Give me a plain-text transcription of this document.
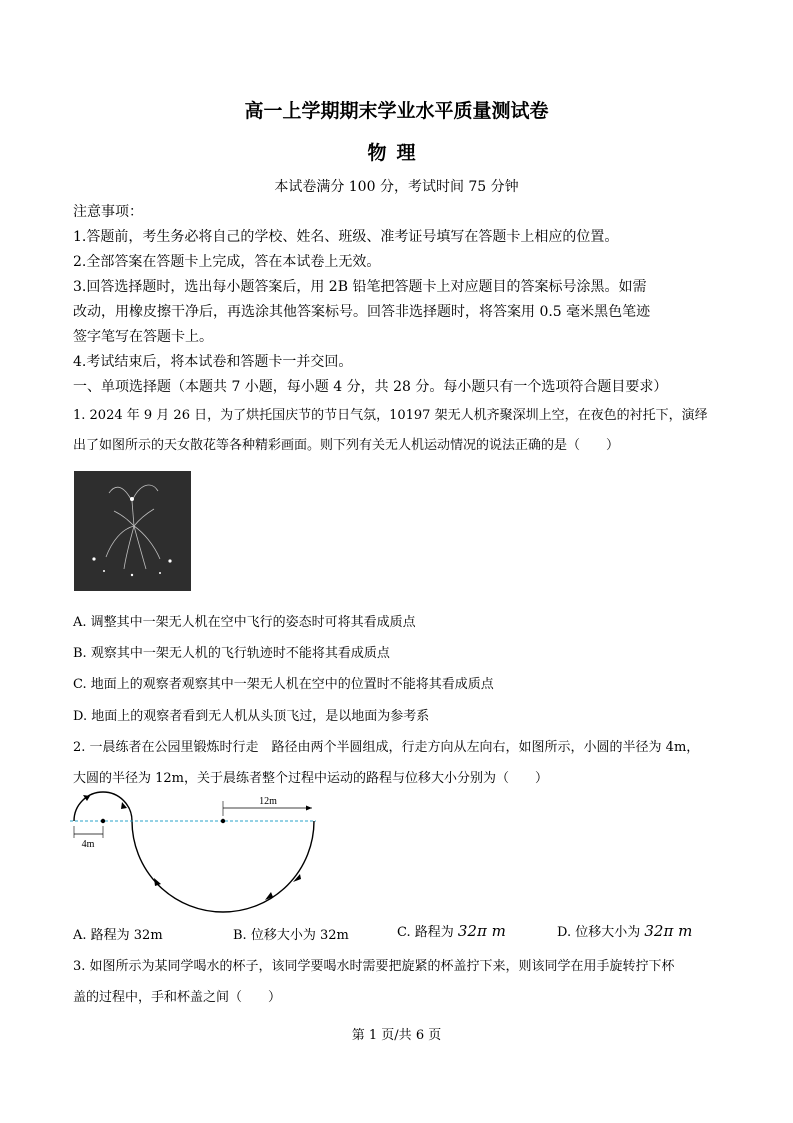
高一上学期期末学业水平质量测试卷
物理
本试卷满分 100 分，考试时间 75 分钟
注意事项：
1.答题前，考生务必将自己的学校、姓名、班级、准考证号填写在答题卡上相应的位置。
2.全部答案在答题卡上完成，答在本试卷上无效。
3.回答选择题时，选出每小题答案后，用 2B 铅笔把答题卡上对应题目的答案标号涂黑。如需
改动，用橡皮擦干净后，再选涂其他答案标号。回答非选择题时，将答案用 0.5 毫米黑色笔迹
签字笔写在答题卡上。
4.考试结束后，将本试卷和答题卡一并交回。
一、单项选择题（本题共 7 小题，每小题 4 分，共 28 分。每小题只有一个选项符合题目要求）
1. 2024 年 9 月 26 日，为了烘托国庆节的节日气氛，10197 架无人机齐聚深圳上空，在夜色的衬托下，演绎
出了如图所示的天女散花等各种精彩画面。则下列有关无人机运动情况的说法正确的是（　　）
A. 调整其中一架无人机在空中飞行的姿态时可将其看成质点
B. 观察其中一架无人机的飞行轨迹时不能将其看成质点
C. 地面上的观察者观察其中一架无人机在空中的位置时不能将其看成质点
D. 地面上的观察者看到无人机从头顶飞过，是以地面为参考系
2. 一晨练者在公园里锻炼时行走　路径由两个半圆组成，行走方向从左向右，如图所示，小圆的半径为 4m，
大圆的半径为 12m，关于晨练者整个过程中运动的路程与位移大小分别为（　　）
12m
4m
A. 路程为 32m	B. 位移大小为 32m	C. 路程为 32π m	D. 位移大小为 32π m
3. 如图所示为某同学喝水的杯子，该同学要喝水时需要把旋紧的杯盖拧下来，则该同学在用手旋转拧下杯
盖的过程中，手和杯盖之间（　　）
第 1 页/共 6 页
